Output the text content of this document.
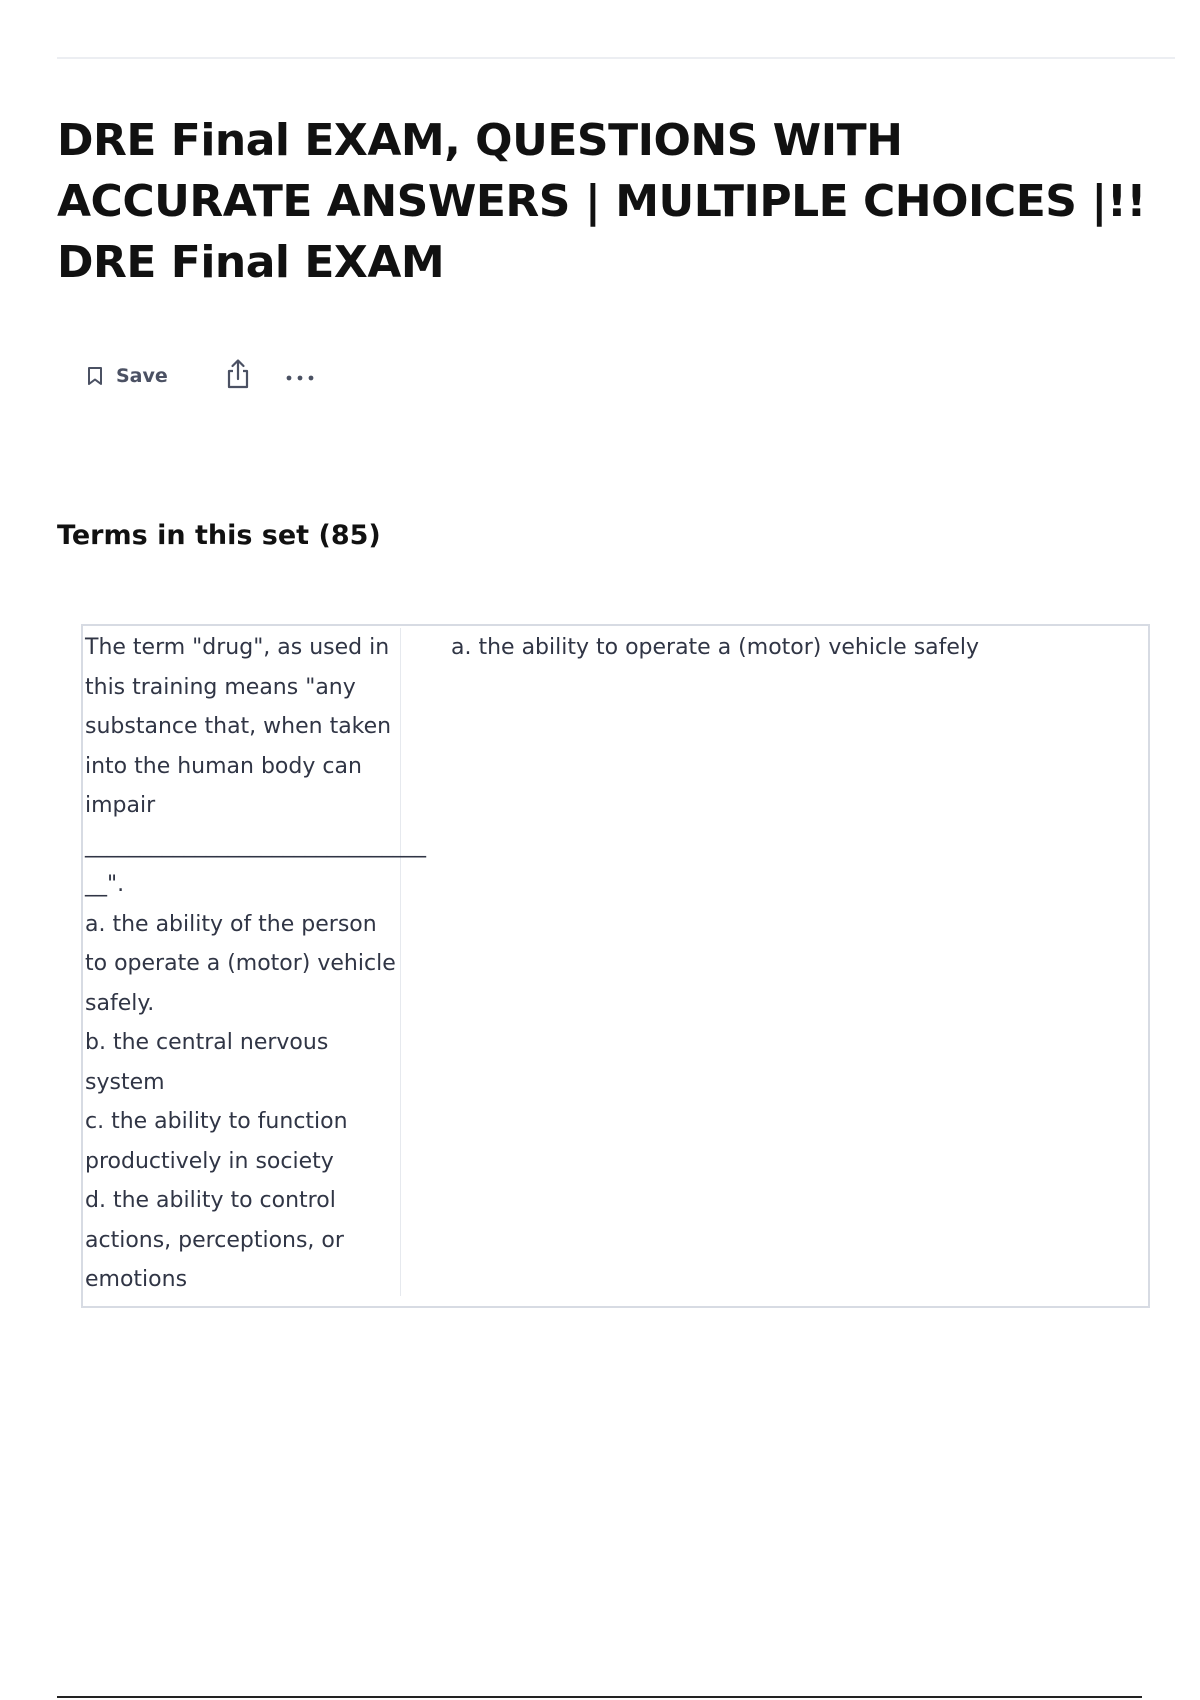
DRE Final EXAM, QUESTIONS WITH ACCURATE ANSWERS | MULTIPLE CHOICES |!! DRE Final EXAM
Save
Terms in this set (85)
The term "drug", as used in this training means "any substance that, when taken into the human body can impair
_______________________________
__".
a. the ability of the person to operate a (motor) vehicle safely.
b. the central nervous system
c. the ability to function productively in society
d. the ability to control actions, perceptions, or emotions
a. the ability to operate a (motor) vehicle safely
